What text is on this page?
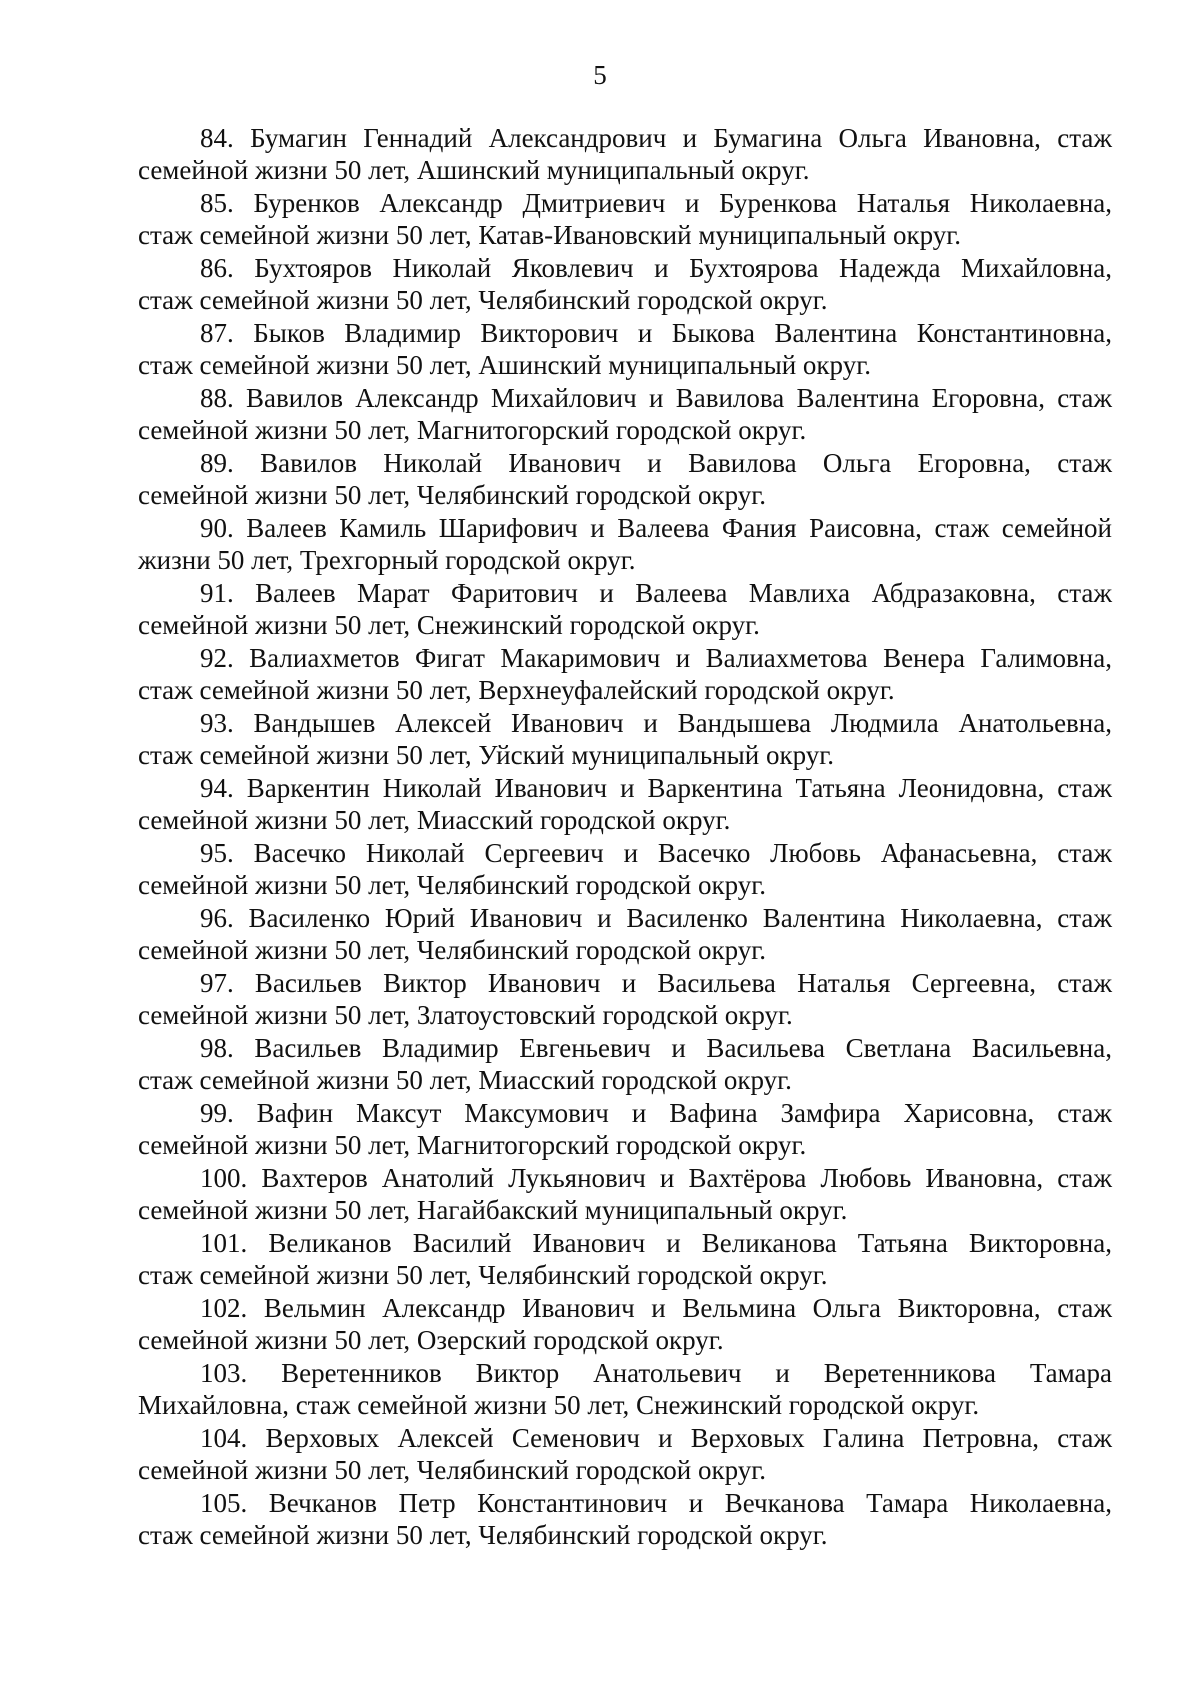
5

84. Бумагин Геннадий Александрович и Бумагина Ольга Ивановна, стаж
семейной жизни 50 лет, Ашинский муниципальный округ.

85. Буренков Александр Дмитриевич и Буренкова Наталья Николаевна,
стаж семейной жизни 50 лет, Катав-Ивановский муниципальный округ.

86. Бухтояров Николай Яковлевич и Бухтоярова Надежда Михайловна,
стаж семейной жизни 50 лет, Челябинский городской округ.

87. Быков Владимир Викторович и Быкова Валентина Константиновна,
стаж семейной жизни 50 лет, Ашинский муниципальный округ.

88. Вавилов Александр Михайлович и Вавилова Валентина Егоровна, стаж
семейной жизни 50 лет, Магнитогорский городской округ.

89. Вавилов Николай Иванович и Вавилова Ольга Егоровна, стаж
семейной жизни 50 лет, Челябинский городской округ.

90. Валеев Камиль Шарифович и Валеева Фания Раисовна, стаж семейной
жизни 50 лет, Трехгорный городской округ.

91. Валеев Марат Фаритович и Валеева Мавлиха Абдразаковна, стаж
семейной жизни 50 лет, Снежинский городской округ.

92. Валиахметов Фигат Макаримович и Валиахметова Венера Галимовна,
стаж семейной жизни 50 лет, Верхнеуфалейский городской округ.

93. Вандышев Алексей Иванович и Вандышева Людмила Анатольевна,
стаж семейной жизни 50 лет, Уйский муниципальный округ.

94. Варкентин Николай Иванович и Варкентина Татьяна Леонидовна, стаж
семейной жизни 50 лет, Миасский городской округ.

95. Васечко Николай Сергеевич и Васечко Любовь Афанасьевна, стаж
семейной жизни 50 лет, Челябинский городской округ.

96. Василенко Юрий Иванович и Василенко Валентина Николаевна, стаж
семейной жизни 50 лет, Челябинский городской округ.

97. Васильев Виктор Иванович и Васильева Наталья Сергеевна, стаж
семейной жизни 50 лет, Златоустовский городской округ.

98. Васильев Владимир Евгеньевич и Васильева Светлана Васильевна,
стаж семейной жизни 50 лет, Миасский городской округ.

99. Вафин Максут Максумович и Вафина Замфира Харисовна, стаж
семейной жизни 50 лет, Магнитогорский городской округ.

100. Вахтеров Анатолий Лукьянович и Вахтёрова Любовь Ивановна, стаж
семейной жизни 50 лет, Нагайбакский муниципальный округ.

101. Великанов Василий Иванович и Великанова Татьяна Викторовна,
стаж семейной жизни 50 лет, Челябинский городской округ.

102. Вельмин Александр Иванович и Вельмина Ольга Викторовна, стаж
семейной жизни 50 лет, Озерский городской округ.

103. Веретенников Виктор Анатольевич и Веретенникова Тамара
Михайловна, стаж семейной жизни 50 лет, Снежинский городской округ.

104. Верховых Алексей Семенович и Верховых Галина Петровна, стаж
семейной жизни 50 лет, Челябинский городской округ.

105. Вечканов Петр Константинович и Вечканова Тамара Николаевна,
стаж семейной жизни 50 лет, Челябинский городской округ.
